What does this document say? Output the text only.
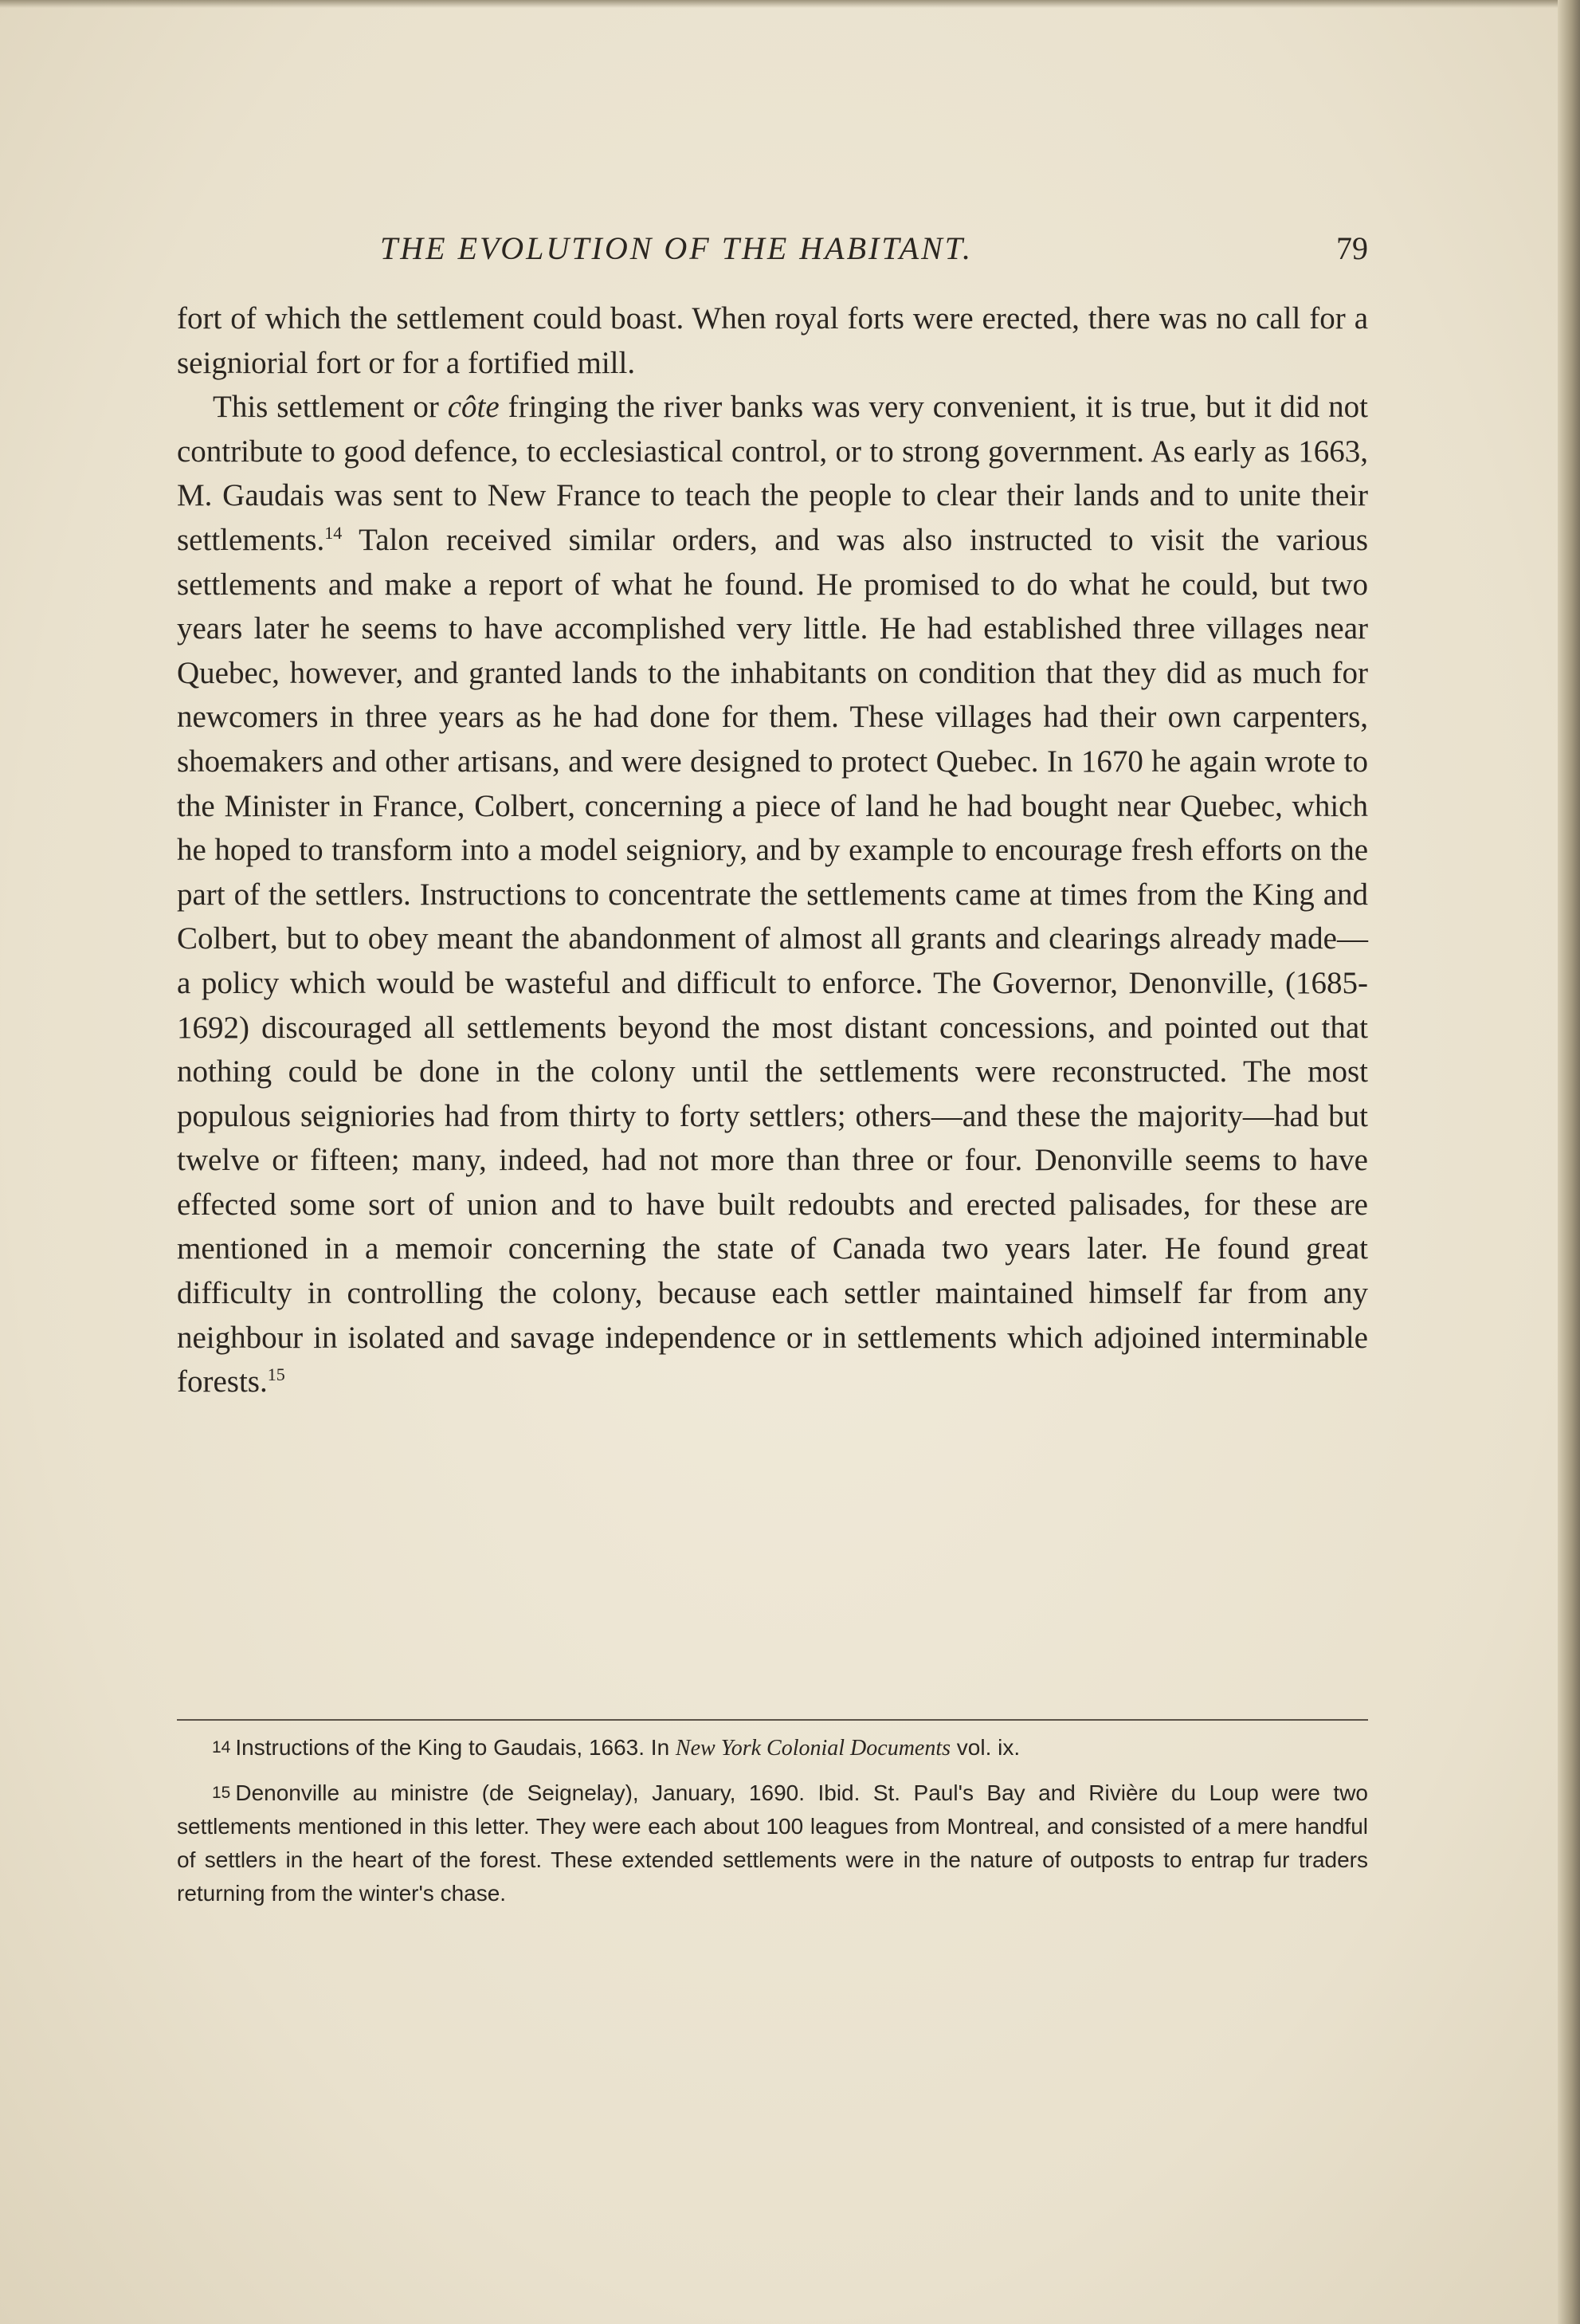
THE EVOLUTION OF THE HABITANT.	79

fort of which the settlement could boast. When royal forts were erected, there was no call for a seigniorial fort or for a fortified mill.

This settlement or côte fringing the river banks was very convenient, it is true, but it did not contribute to good defence, to ecclesiastical control, or to strong government. As early as 1663, M. Gaudais was sent to New France to teach the people to clear their lands and to unite their settlements.$^{14}$ Talon received similar orders, and was also instructed to visit the various settlements and make a report of what he found. He promised to do what he could, but two years later he seems to have accomplished very little. He had established three villages near Quebec, however, and granted lands to the inhabitants on condition that they did as much for newcomers in three years as he had done for them. These villages had their own carpenters, shoemakers and other artisans, and were designed to protect Quebec. In 1670 he again wrote to the Minister in France, Colbert, concerning a piece of land he had bought near Quebec, which he hoped to transform into a model seigniory, and by example to encourage fresh efforts on the part of the settlers. Instructions to concentrate the settlements came at times from the King and Colbert, but to obey meant the abandonment of almost all grants and clearings already made—a policy which would be wasteful and difficult to enforce. The Governor, Denonville, (1685-1692) discouraged all settlements beyond the most distant concessions, and pointed out that nothing could be done in the colony until the settlements were reconstructed. The most populous seigniories had from thirty to forty settlers; others—and these the majority—had but twelve or fifteen; many, indeed, had not more than three or four. Denonville seems to have effected some sort of union and to have built redoubts and erected palisades, for these are mentioned in a memoir concerning the state of Canada two years later. He found great difficulty in controlling the colony, because each settler maintained himself far from any neighbour in isolated and savage independence or in settlements which adjoined interminable forests.$^{15}$

14 Instructions of the King to Gaudais, 1663. In New York Colonial Documents vol. ix.

15 Denonville au ministre (de Seignelay), January, 1690. Ibid. St. Paul's Bay and Rivière du Loup were two settlements mentioned in this letter. They were each about 100 leagues from Montreal, and consisted of a mere handful of settlers in the heart of the forest. These extended settlements were in the nature of outposts to entrap fur traders returning from the winter's chase.
